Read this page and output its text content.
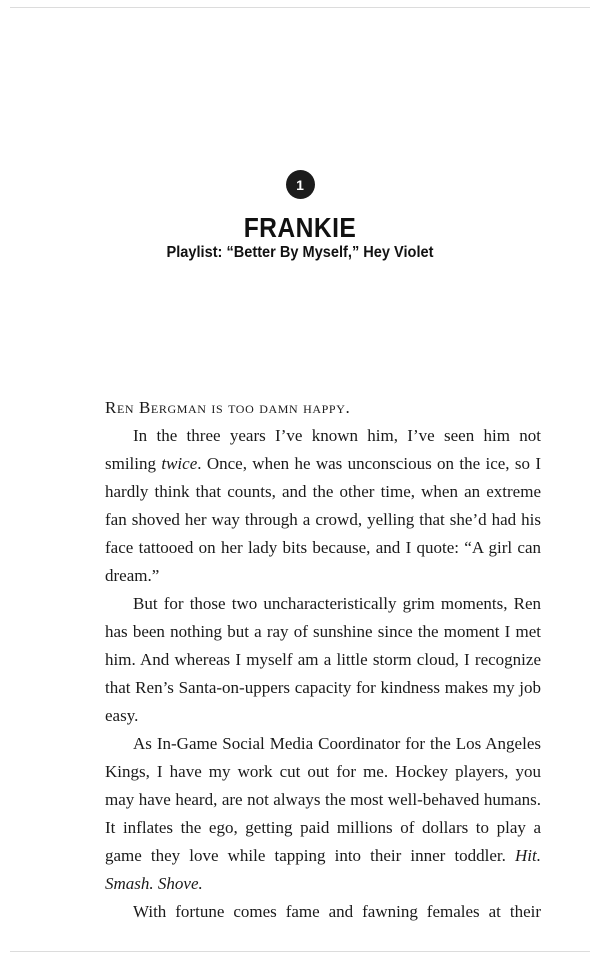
1
FRANKIE
Playlist: “Better By Myself,” Hey Violet

Ren Bergman is too damn happy.

In the three years I’ve known him, I’ve seen him not smiling twice. Once, when he was unconscious on the ice, so I hardly think that counts, and the other time, when an extreme fan shoved her way through a crowd, yelling that she’d had his face tattooed on her lady bits because, and I quote: “A girl can dream.”

But for those two uncharacteristically grim moments, Ren has been nothing but a ray of sunshine since the moment I met him. And whereas I myself am a little storm cloud, I recognize that Ren’s Santa-on-uppers capacity for kindness makes my job easy.

As In-Game Social Media Coordinator for the Los Angeles Kings, I have my work cut out for me. Hockey players, you may have heard, are not always the most well-behaved humans. It inflates the ego, getting paid millions of dollars to play a game they love while tapping into their inner toddler. Hit. Smash. Shove.

With fortune comes fame and fawning females at their
